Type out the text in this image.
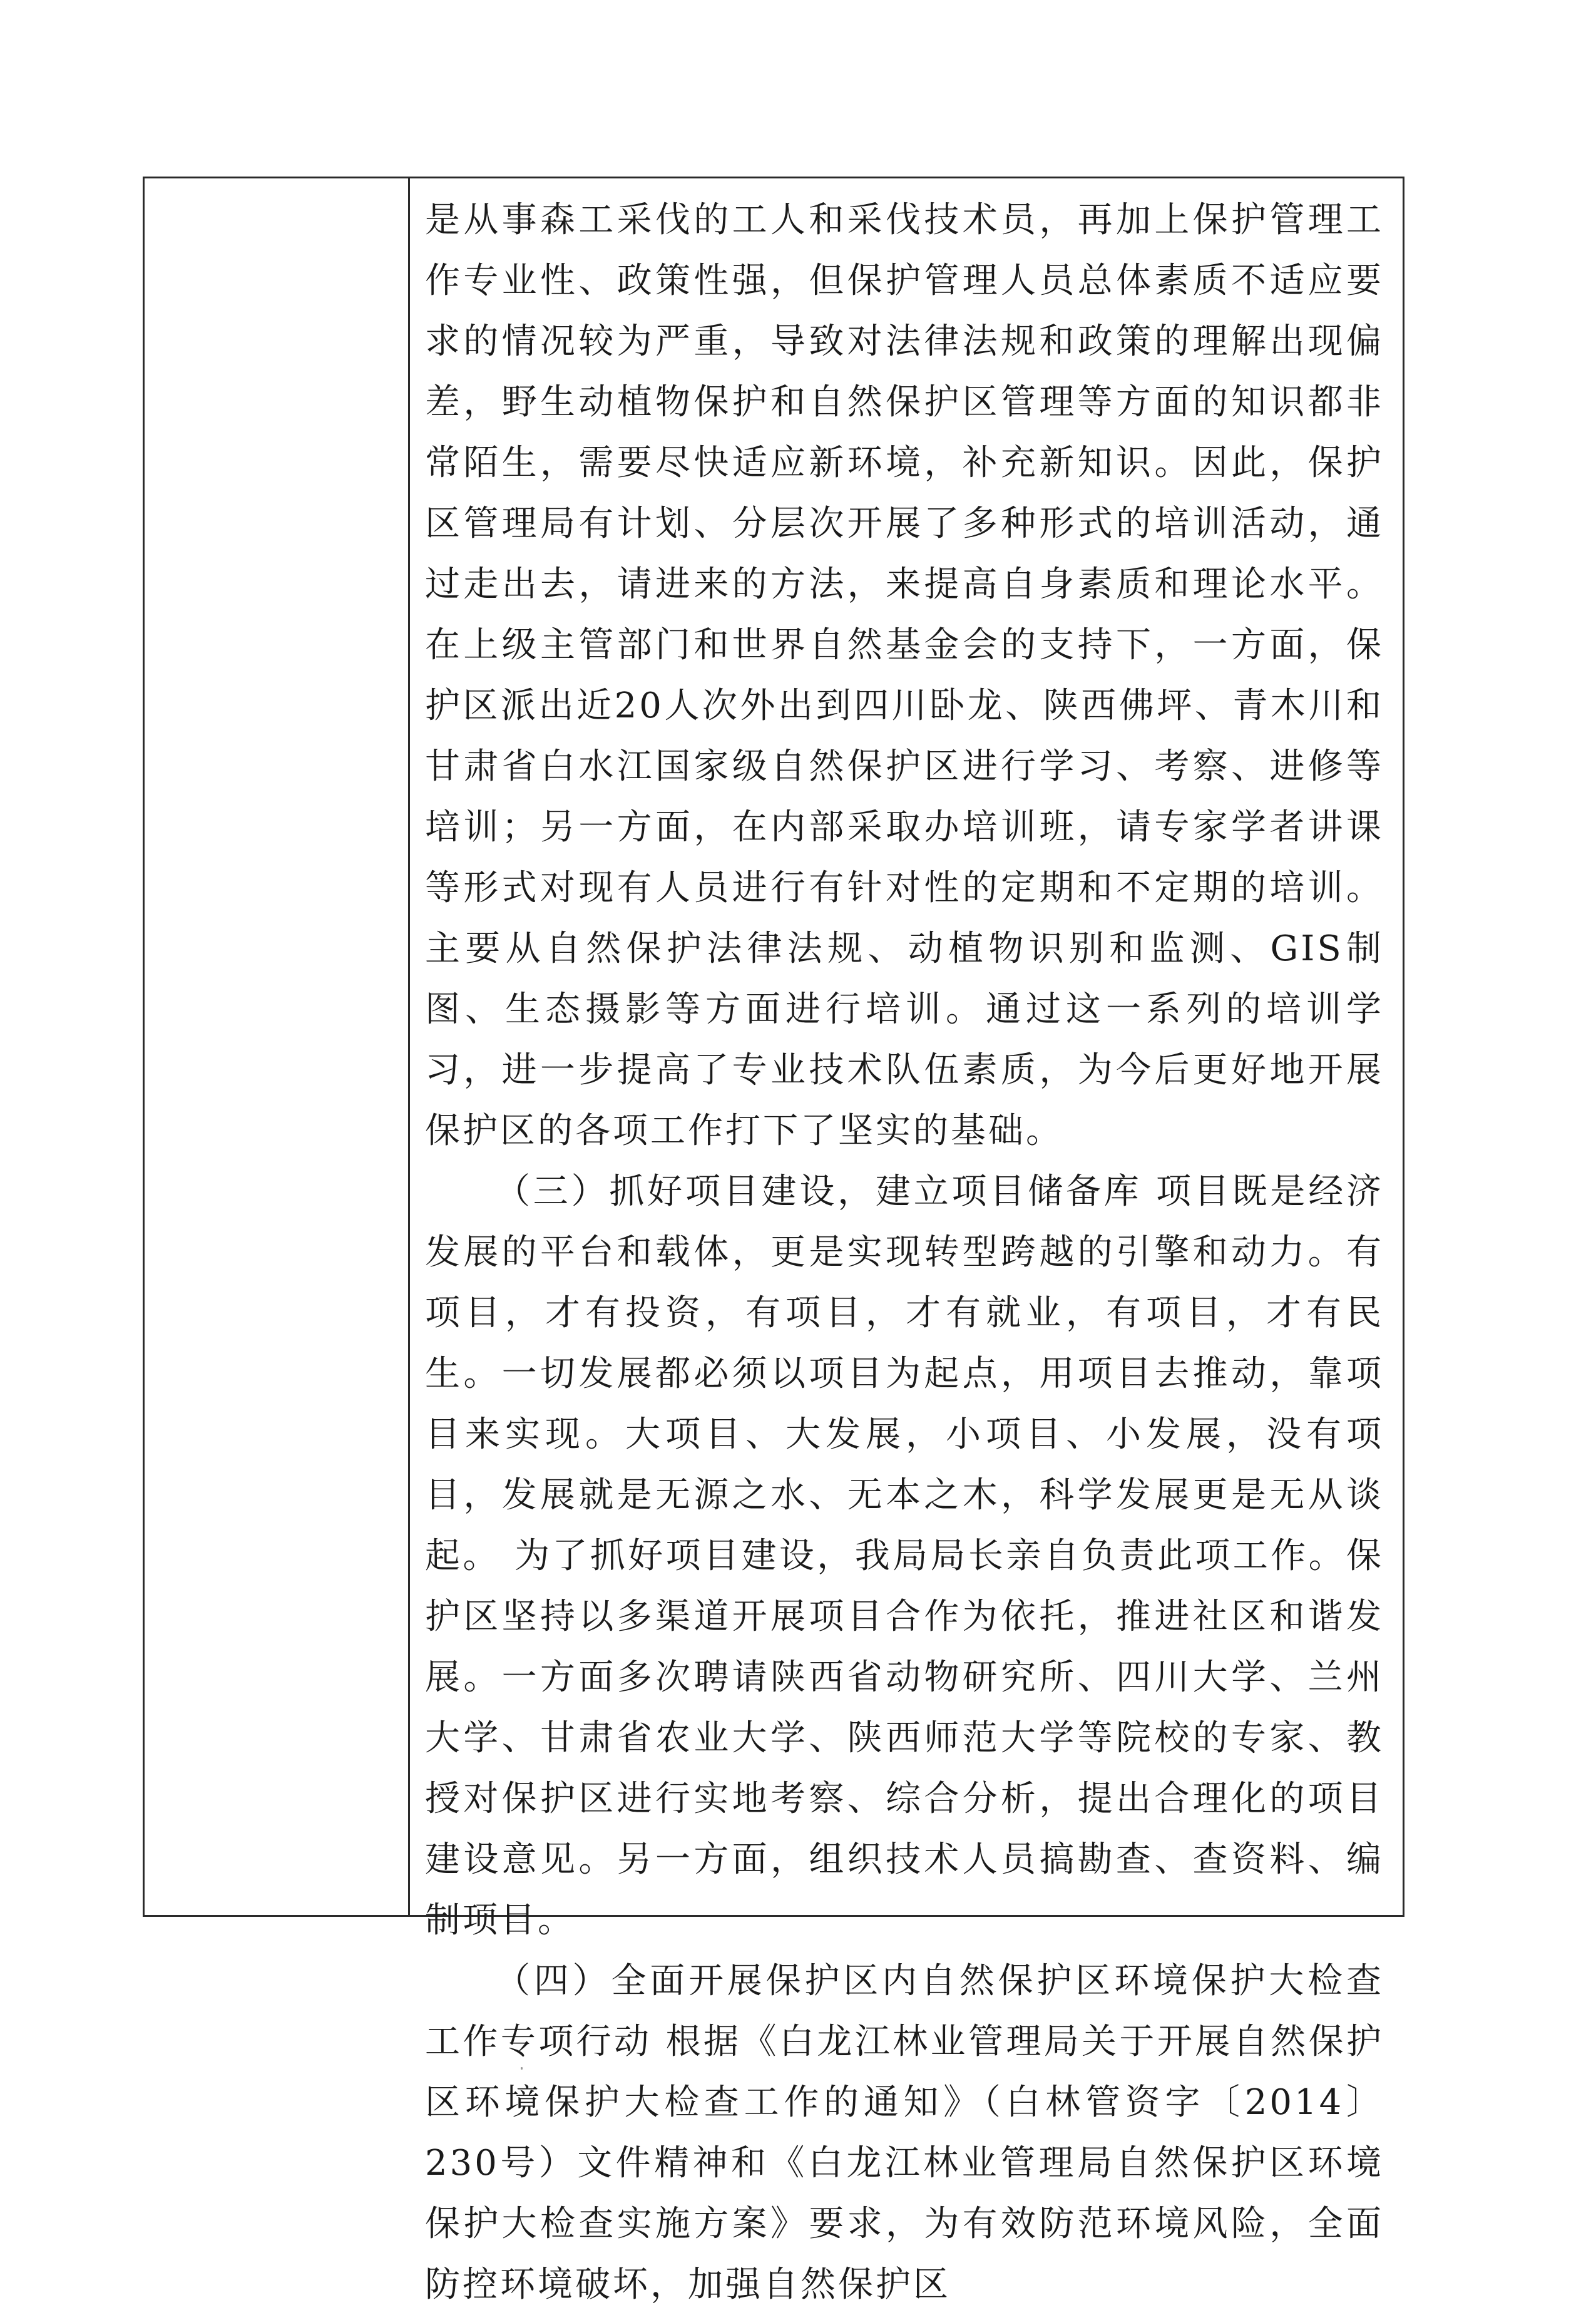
是从事森工采伐的工人和采伐技术员，再加上保护管理工作专业性、政策性强，但保护管理人员总体素质不适应要求的情况较为严重，导致对法律法规和政策的理解出现偏差，野生动植物保护和自然保护区管理等方面的知识都非常陌生，需要尽快适应新环境，补充新知识。因此，保护区管理局有计划、分层次开展了多种形式的培训活动，通过走出去，请进来的方法，来提高自身素质和理论水平。在上级主管部门和世界自然基金会的支持下，一方面，保护区派出近20人次外出到四川卧龙、陕西佛坪、青木川和甘肃省白水江国家级自然保护区进行学习、考察、进修等培训；另一方面，在内部采取办培训班，请专家学者讲课等形式对现有人员进行有针对性的定期和不定期的培训。主要从自然保护法律法规、动植物识别和监测、GIS制图、生态摄影等方面进行培训。通过这一系列的培训学习，进一步提高了专业技术队伍素质，为今后更好地开展保护区的各项工作打下了坚实的基础。

（三）抓好项目建设，建立项目储备库 项目既是经济发展的平台和载体，更是实现转型跨越的引擎和动力。有项目，才有投资，有项目，才有就业，有项目，才有民生。一切发展都必须以项目为起点，用项目去推动，靠项目来实现。大项目、大发展，小项目、小发展，没有项目，发展就是无源之水、无本之木，科学发展更是无从谈起。 为了抓好项目建设，我局局长亲自负责此项工作。保护区坚持以多渠道开展项目合作为依托，推进社区和谐发展。一方面多次聘请陕西省动物研究所、四川大学、兰州大学、甘肃省农业大学、陕西师范大学等院校的专家、教授对保护区进行实地考察、综合分析，提出合理化的项目建设意见。另一方面，组织技术人员搞勘查、查资料、编制项目。

（四）全面开展保护区内自然保护区环境保护大检查工作专项行动 根据《白龙江林业管理局关于开展自然保护区环境保护大检查工作的通知》（白林管资字〔2014〕230号）文件精神和《白龙江林业管理局自然保护区环境保护大检查实施方案》要求，为有效防范环境风险，全面防控环境破坏，加强自然保护区
